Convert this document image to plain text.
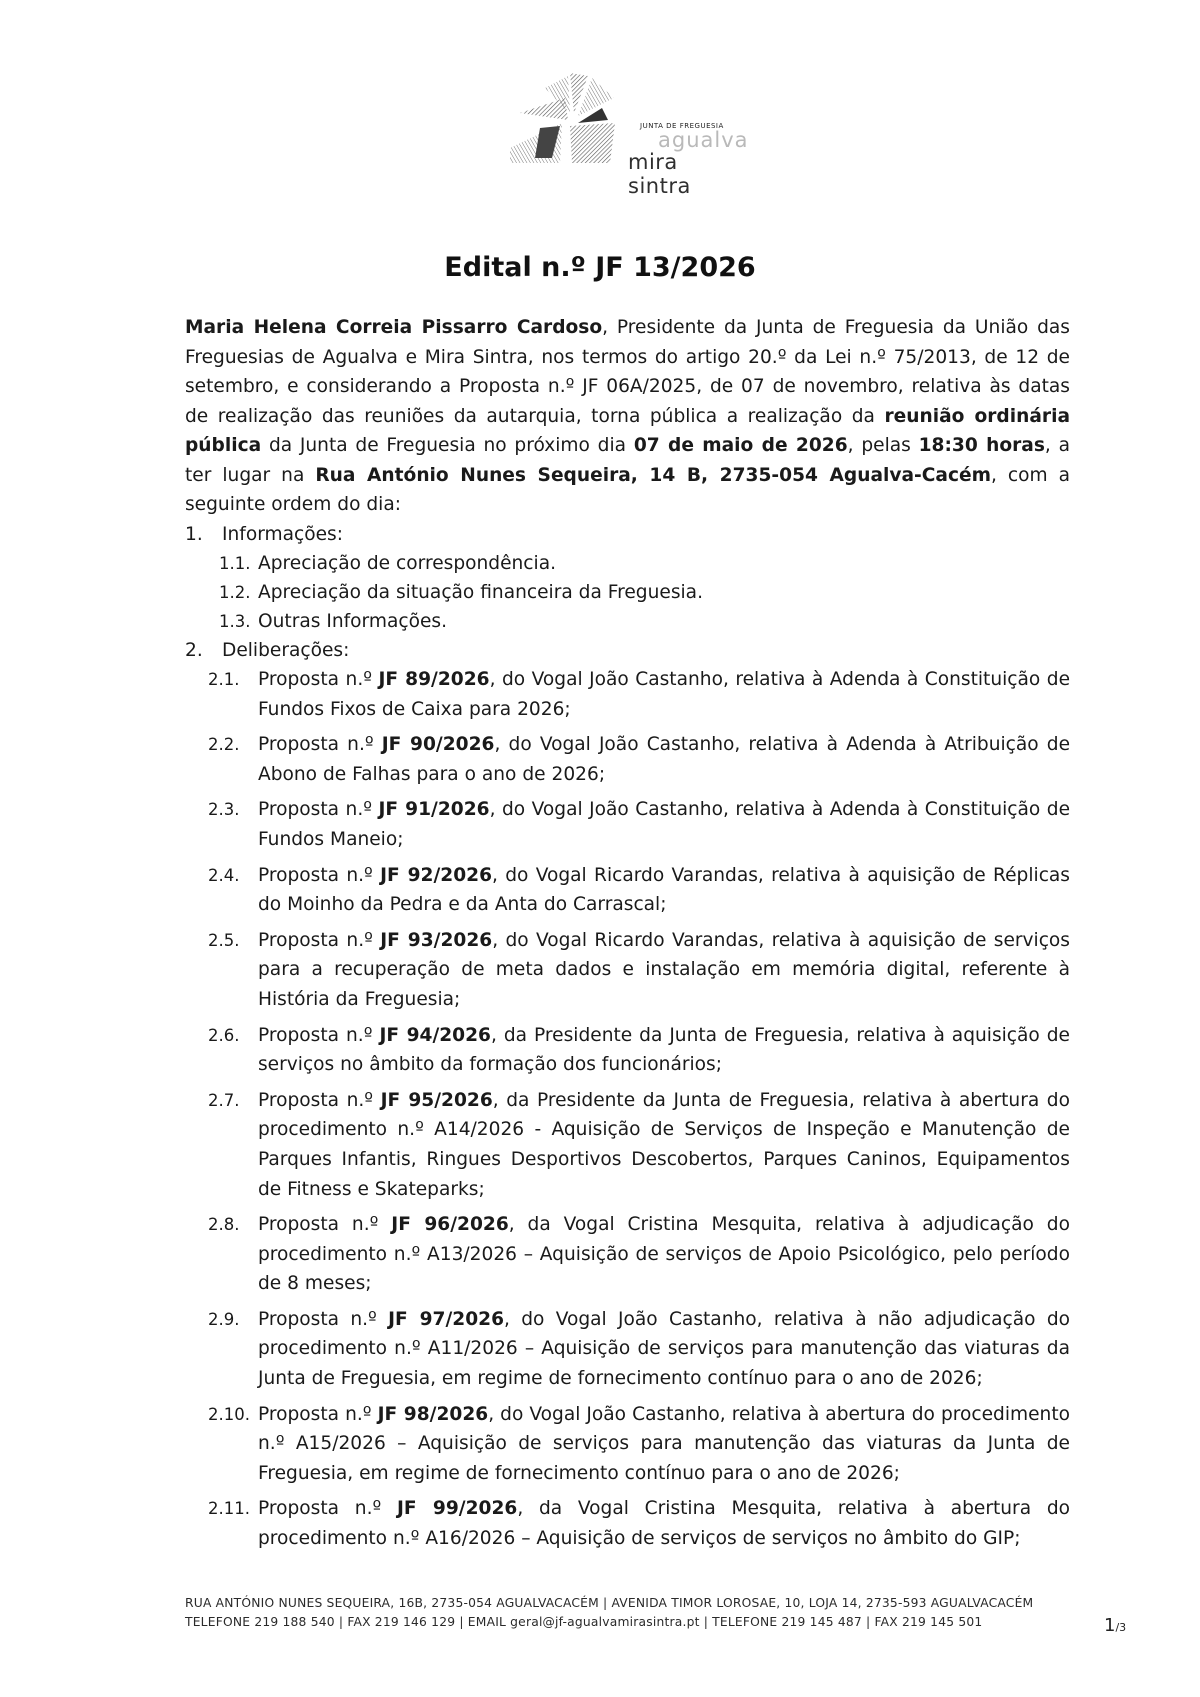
JUNTA DE FREGUESIA
agualva
mira sintra
Edital n.º JF 13/2026
Maria Helena Correia Pissarro Cardoso, Presidente da Junta de Freguesia da União das Freguesias de Agualva e Mira Sintra, nos termos do artigo 20.º da Lei n.º 75/2013, de 12 de setembro, e considerando a Proposta n.º JF 06A/2025, de 07 de novembro, relativa às datas de realização das reuniões da autarquia, torna pública a realização da reunião ordinária pública da Junta de Freguesia no próximo dia 07 de maio de 2026, pelas 18:30 horas, a ter lugar na Rua António Nunes Sequeira, 14 B, 2735-054 Agualva-Cacém, com a seguinte ordem do dia:
1. Informações:
1.1. Apreciação de correspondência.
1.2. Apreciação da situação financeira da Freguesia.
1.3. Outras Informações.
2. Deliberações:
2.1. Proposta n.º JF 89/2026, do Vogal João Castanho, relativa à Adenda à Constituição de Fundos Fixos de Caixa para 2026;
2.2. Proposta n.º JF 90/2026, do Vogal João Castanho, relativa à Adenda à Atribuição de Abono de Falhas para o ano de 2026;
2.3. Proposta n.º JF 91/2026, do Vogal João Castanho, relativa à Adenda à Constituição de Fundos Maneio;
2.4. Proposta n.º JF 92/2026, do Vogal Ricardo Varandas, relativa à aquisição de Réplicas do Moinho da Pedra e da Anta do Carrascal;
2.5. Proposta n.º JF 93/2026, do Vogal Ricardo Varandas, relativa à aquisição de serviços para a recuperação de meta dados e instalação em memória digital, referente à História da Freguesia;
2.6. Proposta n.º JF 94/2026, da Presidente da Junta de Freguesia, relativa à aquisição de serviços no âmbito da formação dos funcionários;
2.7. Proposta n.º JF 95/2026, da Presidente da Junta de Freguesia, relativa à abertura do procedimento n.º A14/2026 - Aquisição de Serviços de Inspeção e Manutenção de Parques Infantis, Ringues Desportivos Descobertos, Parques Caninos, Equipamentos de Fitness e Skateparks;
2.8. Proposta n.º JF 96/2026, da Vogal Cristina Mesquita, relativa à adjudicação do procedimento n.º A13/2026 – Aquisição de serviços de Apoio Psicológico, pelo período de 8 meses;
2.9. Proposta n.º JF 97/2026, do Vogal João Castanho, relativa à não adjudicação do procedimento n.º A11/2026 – Aquisição de serviços para manutenção das viaturas da Junta de Freguesia, em regime de fornecimento contínuo para o ano de 2026;
2.10. Proposta n.º JF 98/2026, do Vogal João Castanho, relativa à abertura do procedimento n.º A15/2026 – Aquisição de serviços para manutenção das viaturas da Junta de Freguesia, em regime de fornecimento contínuo para o ano de 2026;
2.11. Proposta n.º JF 99/2026, da Vogal Cristina Mesquita, relativa à abertura do procedimento n.º A16/2026 – Aquisição de serviços de serviços no âmbito do GIP;
RUA ANTÓNIO NUNES SEQUEIRA, 16B, 2735-054 AGUALVACACÉM | AVENIDA TIMOR LOROSAE, 10, LOJA 14, 2735-593 AGUALVACACÉM
TELEFONE 219 188 540 | FAX 219 146 129 | EMAIL geral@jf-agualvamirasintra.pt | TELEFONE 219 145 487 | FAX 219 145 501	1/3
